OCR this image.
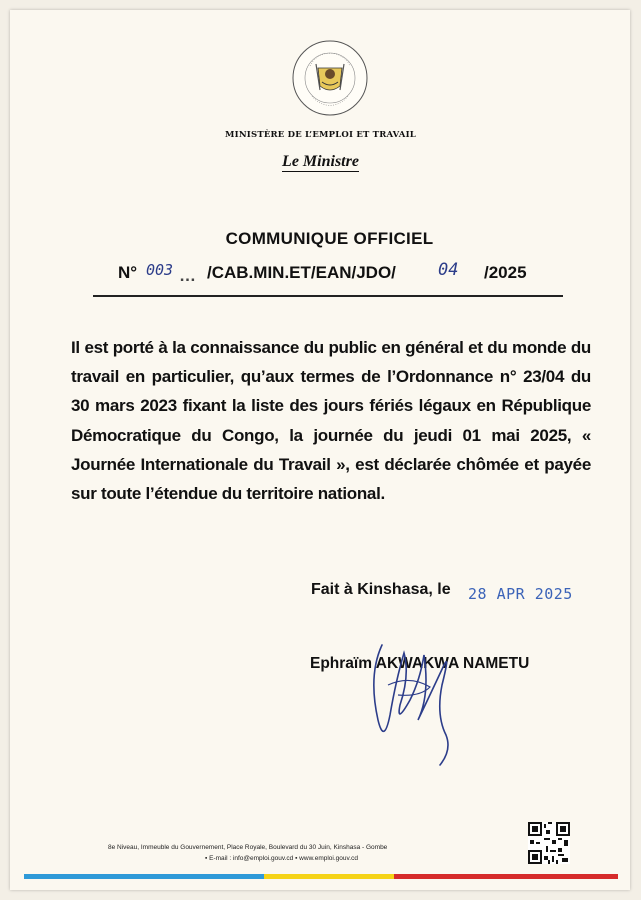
MINISTÈRE DE L’EMPLOI ET TRAVAIL
Le Ministre
COMMUNIQUE OFFICIEL
N° 003 … /CAB.MIN.ET/EAN/JDO/ 04 /2025
Il est porté à la connaissance du public en général et du monde du travail en particulier, qu’aux termes de l’Ordonnance n° 23/04 du 30 mars 2023 fixant la liste des jours fériés légaux en République Démocratique du Congo, la journée du jeudi 01 mai 2025, « Journée Internationale du Travail », est déclarée chômée et payée sur toute l’étendue du territoire national.
Fait à Kinshasa, le 28 APR 2025
Ephraïm AKWAKWA NAMETU
8e Niveau, Immeuble du Gouvernement, Place Royale, Boulevard du 30 Juin, Kinshasa - Gombe
▪ E-mail : info@emploi.gouv.cd ▪ www.emploi.gouv.cd
